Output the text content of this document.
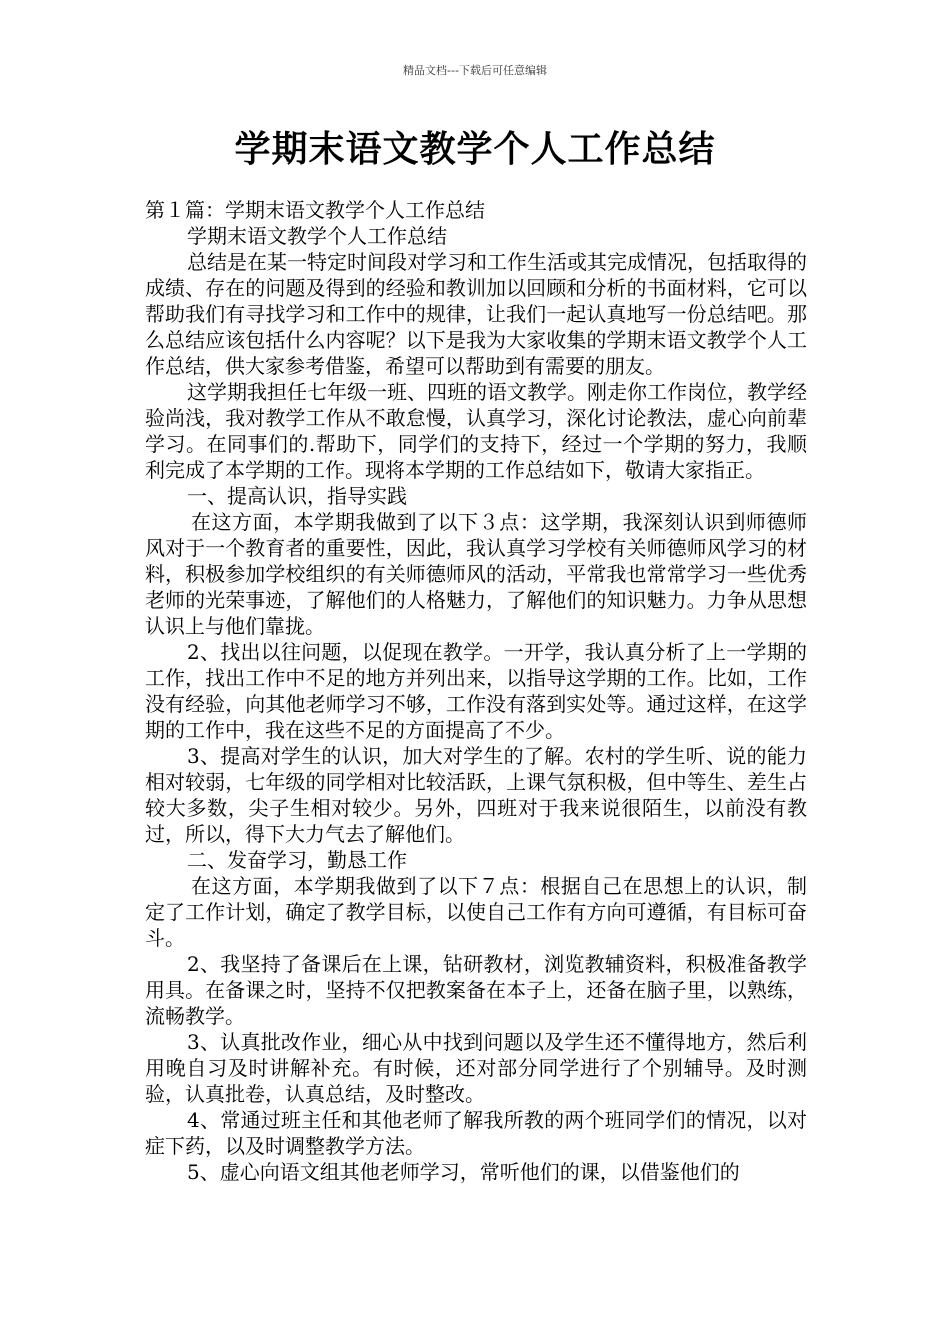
精品文档---下载后可任意编辑
学期末语文教学个人工作总结

第１篇：学期末语文教学个人工作总结

学期末语文教学个人工作总结

总结是在某一特定时间段对学习和工作生活或其完成情况，包括取得的成绩、存在的问题及得到的经验和教训加以回顾和分析的书面材料，它可以帮助我们有寻找学习和工作中的规律，让我们一起认真地写一份总结吧。那么总结应该包括什么内容呢？以下是我为大家收集的学期末语文教学个人工作总结，供大家参考借鉴，希望可以帮助到有需要的朋友。

这学期我担任七年级一班、四班的语文教学。刚走你工作岗位，教学经验尚浅，我对教学工作从不敢怠慢，认真学习，深化讨论教法，虚心向前辈学习。在同事们的.帮助下，同学们的支持下，经过一个学期的努力，我顺利完成了本学期的工作。现将本学期的工作总结如下，敬请大家指正。

一、提高认识，指导实践

在这方面，本学期我做到了以下３点：这学期，我深刻认识到师德师风对于一个教育者的重要性，因此，我认真学习学校有关师德师风学习的材料，积极参加学校组织的有关师德师风的活动，平常我也常常学习一些优秀老师的光荣事迹，了解他们的人格魅力，了解他们的知识魅力。力争从思想认识上与他们靠拢。

2、找出以往问题，以促现在教学。一开学，我认真分析了上一学期的工作，找出工作中不足的地方并列出来，以指导这学期的工作。比如，工作没有经验，向其他老师学习不够，工作没有落到实处等。通过这样，在这学期的工作中，我在这些不足的方面提高了不少。

3、提高对学生的认识，加大对学生的了解。农村的学生听、说的能力相对较弱，七年级的同学相对比较活跃，上课气氛积极，但中等生、差生占较大多数，尖子生相对较少。另外，四班对于我来说很陌生，以前没有教过，所以，得下大力气去了解他们。

二、发奋学习，勤恳工作

在这方面，本学期我做到了以下７点：根据自己在思想上的认识，制定了工作计划，确定了教学目标，以使自己工作有方向可遵循，有目标可奋斗。

2、我坚持了备课后在上课，钻研教材，浏览教辅资料，积极准备教学用具。在备课之时，坚持不仅把教案备在本子上，还备在脑子里，以熟练，流畅教学。

3、认真批改作业，细心从中找到问题以及学生还不懂得地方，然后利用晚自习及时讲解补充。有时候，还对部分同学进行了个别辅导。及时测验，认真批卷，认真总结，及时整改。

4、常通过班主任和其他老师了解我所教的两个班同学们的情况，以对症下药，以及时调整教学方法。

5、虚心向语文组其他老师学习，常听他们的课，以借鉴他们的
